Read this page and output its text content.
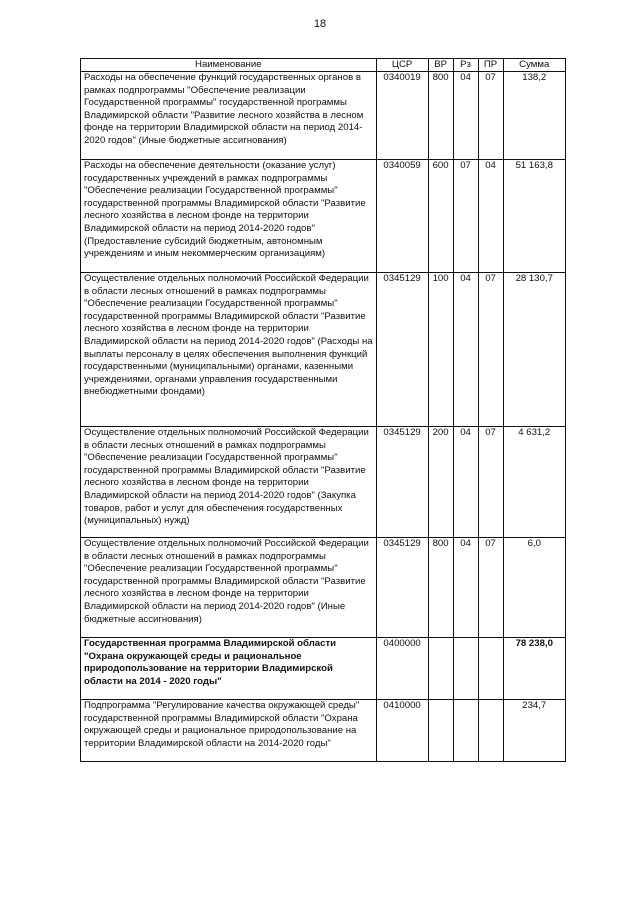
18
Наименование	ЦСР	ВР	Рз	ПР	Сумма
Расходы на обеспечение функций государственных органов в рамках подпрограммы "Обеспечение реализации Государственной программы" государственной программы Владимирской области "Развитие лесного хозяйства в лесном фонде на территории Владимирской области на период 2014-2020 годов" (Иные бюджетные ассигнования)	0340019	800	04	07	138,2
Расходы на обеспечение деятельности (оказание услуг) государственных учреждений в рамках подпрограммы "Обеспечение реализации Государственной программы" государственной программы Владимирской области "Развитие лесного хозяйства в лесном фонде на территории Владимирской области на период 2014-2020 годов" (Предоставление субсидий бюджетным, автономным учреждениям и иным некоммерческим организациям)	0340059	600	07	04	51 163,8
Осуществление отдельных полномочий Российской Федерации в области лесных отношений в рамках подпрограммы "Обеспечение реализации Государственной программы" государственной программы Владимирской области "Развитие лесного хозяйства в лесном фонде на территории Владимирской области на период 2014-2020 годов" (Расходы на выплаты персоналу в целях обеспечения выполнения функций государственными (муниципальными) органами, казенными учреждениями, органами управления государственными внебюджетными фондами)	0345129	100	04	07	28 130,7
Осуществление отдельных полномочий Российской Федерации в области лесных отношений в рамках подпрограммы "Обеспечение реализации Государственной программы" государственной программы Владимирской области "Развитие лесного хозяйства в лесном фонде на территории Владимирской области на период 2014-2020 годов" (Закупка товаров, работ и услуг для обеспечения государственных (муниципальных) нужд)	0345129	200	04	07	4 631,2
Осуществление отдельных полномочий Российской Федерации в области лесных отношений в рамках подпрограммы "Обеспечение реализации Государственной программы" государственной программы Владимирской области "Развитие лесного хозяйства в лесном фонде на территории Владимирской области на период 2014-2020 годов" (Иные бюджетные ассигнования)	0345129	800	04	07	6,0
Государственная программа Владимирской области "Охрана окружающей среды и рациональное природопользование на территории Владимирской области на 2014 - 2020 годы"	0400000				78 238,0
Подпрограмма "Регулирование качества окружающей среды" государственной программы Владимирской области "Охрана окружающей среды и рациональное природопользование на территории Владимирской области на 2014-2020 годы"	0410000				234,7
